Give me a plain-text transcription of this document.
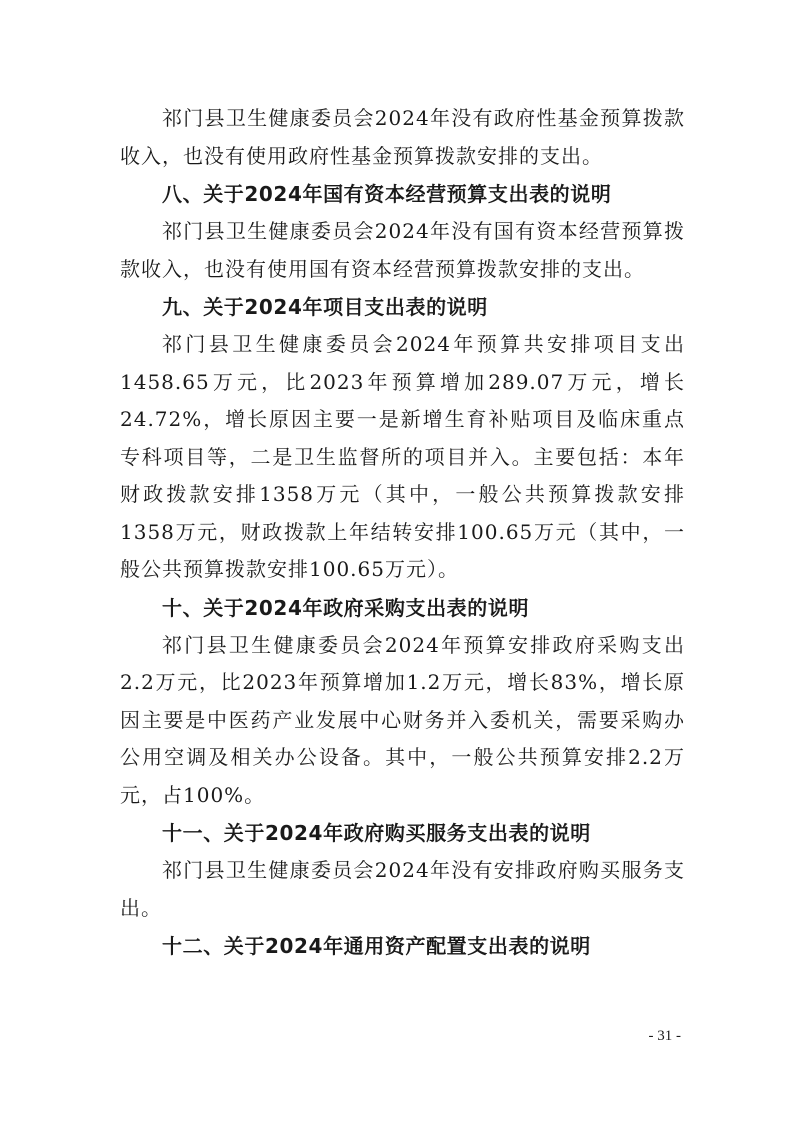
祁门县卫生健康委员会2024年没有政府性基金预算拨款收入，也没有使用政府性基金预算拨款安排的支出。

八、关于2024年国有资本经营预算支出表的说明

祁门县卫生健康委员会2024年没有国有资本经营预算拨款收入，也没有使用国有资本经营预算拨款安排的支出。

九、关于2024年项目支出表的说明

祁门县卫生健康委员会2024年预算共安排项目支出1458.65万元，比2023年预算增加289.07万元，增长24.72%，增长原因主要一是新增生育补贴项目及临床重点专科项目等，二是卫生监督所的项目并入。主要包括：本年财政拨款安排1358万元（其中，一般公共预算拨款安排1358万元，财政拨款上年结转安排100.65万元（其中，一般公共预算拨款安排100.65万元）。

十、关于2024年政府采购支出表的说明

祁门县卫生健康委员会2024年预算安排政府采购支出2.2万元，比2023年预算增加1.2万元，增长83%，增长原因主要是中医药产业发展中心财务并入委机关，需要采购办公用空调及相关办公设备。其中，一般公共预算安排2.2万元，占100%。

十一、关于2024年政府购买服务支出表的说明

祁门县卫生健康委员会2024年没有安排政府购买服务支出。

十二、关于2024年通用资产配置支出表的说明

- 31 -
